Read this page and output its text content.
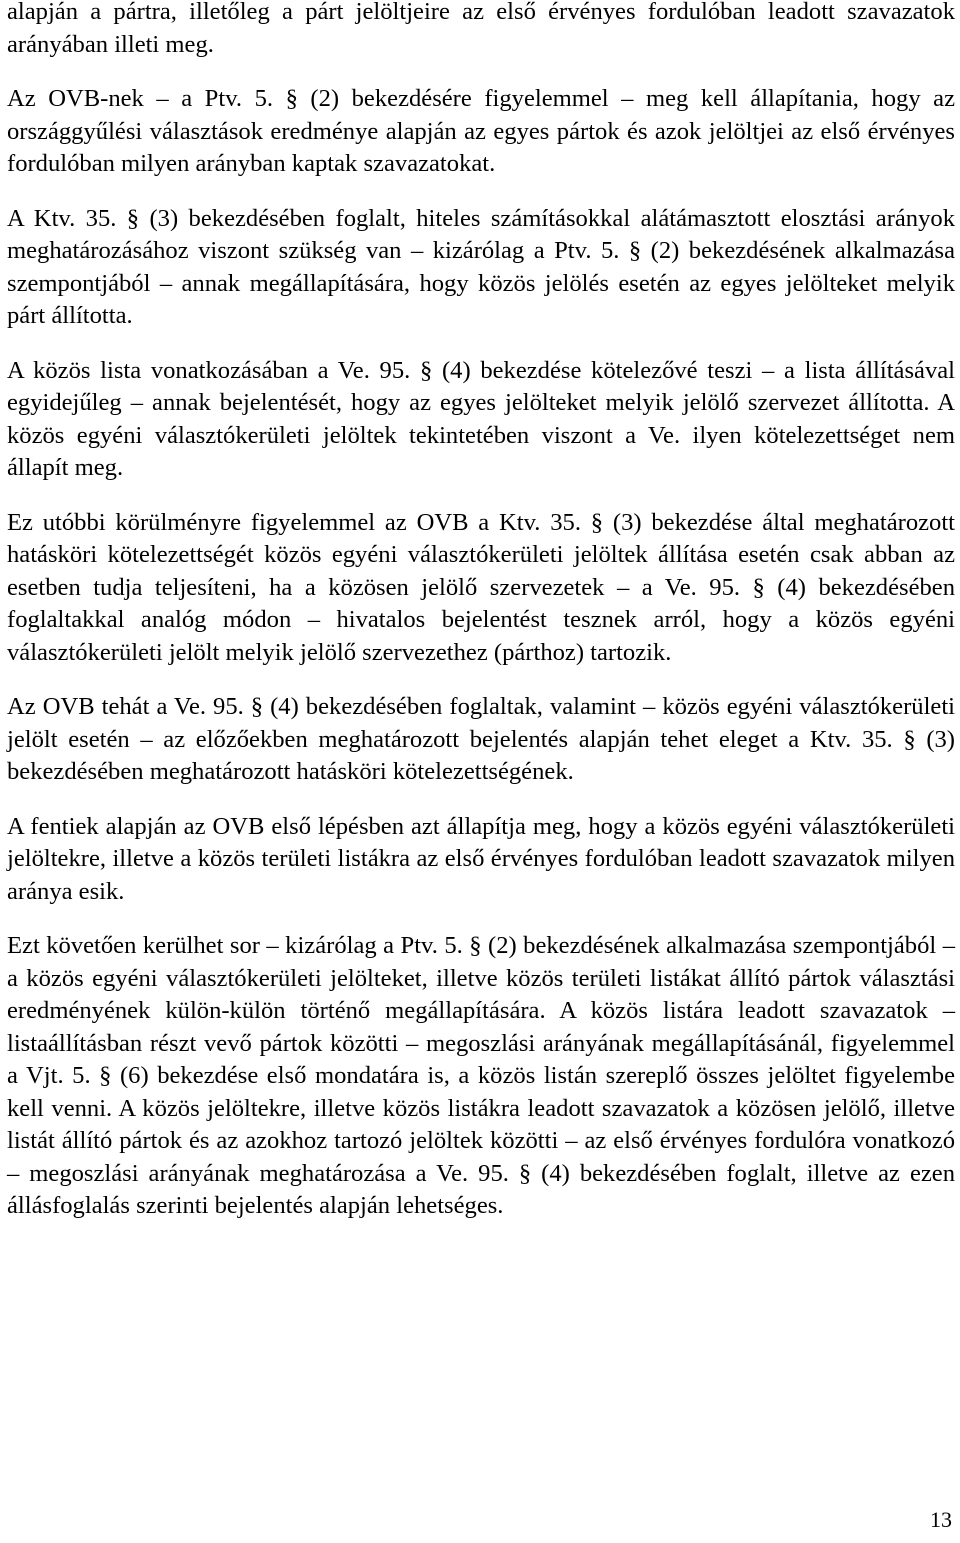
alapján a pártra, illetőleg a párt jelöltjeire az első érvényes fordulóban leadott szavazatok arányában illeti meg.

Az OVB-nek – a Ptv. 5. § (2) bekezdésére figyelemmel – meg kell állapítania, hogy az országgyűlési választások eredménye alapján az egyes pártok és azok jelöltjei az első érvényes fordulóban milyen arányban kaptak szavazatokat.

A Ktv. 35. § (3) bekezdésében foglalt, hiteles számításokkal alátámasztott elosztási arányok meghatározásához viszont szükség van – kizárólag a Ptv. 5. § (2) bekezdésének alkalmazása szempontjából – annak megállapítására, hogy közös jelölés esetén az egyes jelölteket melyik párt állította.

A közös lista vonatkozásában a Ve. 95. § (4) bekezdése kötelezővé teszi – a lista állításával egyidejűleg – annak bejelentését, hogy az egyes jelölteket melyik jelölő szervezet állította. A közös egyéni választókerületi jelöltek tekintetében viszont a Ve. ilyen kötelezettséget nem állapít meg.

Ez utóbbi körülményre figyelemmel az OVB a Ktv. 35. § (3) bekezdése által meghatározott hatásköri kötelezettségét közös egyéni választókerületi jelöltek állítása esetén csak abban az esetben tudja teljesíteni, ha a közösen jelölő szervezetek – a Ve. 95. § (4) bekezdésében foglaltakkal analóg módon – hivatalos bejelentést tesznek arról, hogy a közös egyéni választókerületi jelölt melyik jelölő szervezethez (párthoz) tartozik.

Az OVB tehát a Ve. 95. § (4) bekezdésében foglaltak, valamint – közös egyéni választókerületi jelölt esetén – az előzőekben meghatározott bejelentés alapján tehet eleget a Ktv. 35. § (3) bekezdésében meghatározott hatásköri kötelezettségének.

A fentiek alapján az OVB első lépésben azt állapítja meg, hogy a közös egyéni választókerületi jelöltekre, illetve a közös területi listákra az első érvényes fordulóban leadott szavazatok milyen aránya esik.

Ezt követően kerülhet sor – kizárólag a Ptv. 5. § (2) bekezdésének alkalmazása szempontjából – a közös egyéni választókerületi jelölteket, illetve közös területi listákat állító pártok választási eredményének külön-külön történő megállapítására. A közös listára leadott szavazatok – listaállításban részt vevő pártok közötti – megoszlási arányának megállapításánál, figyelemmel a Vjt. 5. § (6) bekezdése első mondatára is, a közös listán szereplő összes jelöltet figyelembe kell venni. A közös jelöltekre, illetve közös listákra leadott szavazatok a közösen jelölő, illetve listát állító pártok és az azokhoz tartozó jelöltek közötti – az első érvényes fordulóra vonatkozó – megoszlási arányának meghatározása a Ve. 95. § (4) bekezdésében foglalt, illetve az ezen állásfoglalás szerinti bejelentés alapján lehetséges.

13
